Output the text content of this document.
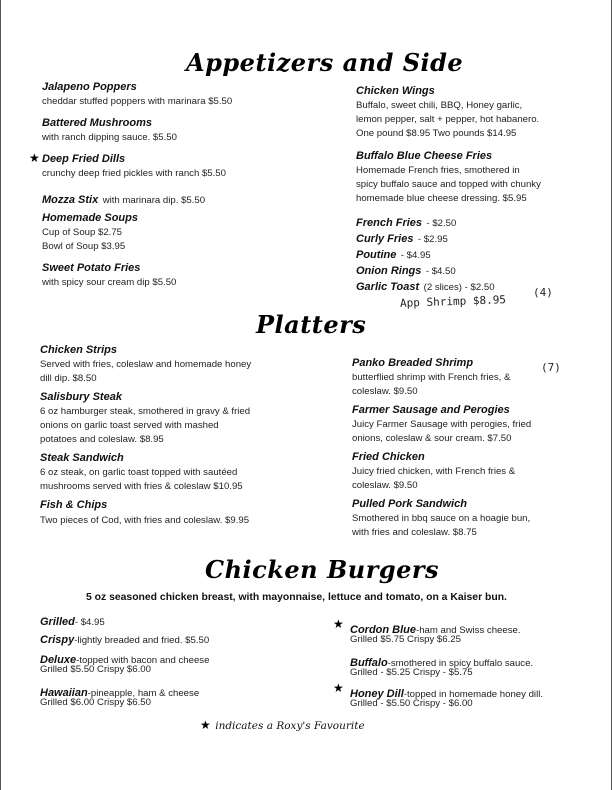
Appetizers and Side
Jalapeno Poppers
cheddar stuffed poppers with marinara $5.50
Battered Mushrooms
with ranch dipping sauce. $5.50
★ Deep Fried Dills
crunchy deep fried pickles with ranch $5.50
Mozza Stix with marinara dip. $5.50
Homemade Soups
Cup of Soup $2.75
Bowl of Soup $3.95
Sweet Potato Fries
with spicy sour cream dip $5.50
Chicken Wings
Buffalo, sweet chili, BBQ, Honey garlic,
lemon pepper, salt + pepper, hot habanero.
One pound $8.95 Two pounds $14.95
Buffalo Blue Cheese Fries
Homemade French fries, smothered in
spicy buffalo sauce and topped with chunky
homemade blue cheese dressing. $5.95
French Fries - $2.50
Curly Fries - $2.95
Poutine - $4.95
Onion Rings - $4.50
Garlic Toast (2 slices) - $2.50
App Shrimp $8.95
(4)
Platters
Chicken Strips
Served with fries, coleslaw and homemade honey
dill dip. $8.50
Salisbury Steak
6 oz hamburger steak, smothered in gravy & fried
onions on garlic toast served with mashed
potatoes and coleslaw. $8.95
Steak Sandwich
6 oz steak, on garlic toast topped with sautéed
mushrooms served with fries & coleslaw $10.95
Fish & Chips
Two pieces of Cod, with fries and coleslaw. $9.95
Panko Breaded Shrimp
butterflied shrimp with French fries, &
coleslaw. $9.50
(7)
Farmer Sausage and Perogies
Juicy Farmer Sausage with perogies, fried
onions, coleslaw & sour cream. $7.50
Fried Chicken
Juicy fried chicken, with French fries &
coleslaw. $9.50
Pulled Pork Sandwich
Smothered in bbq sauce on a hoagie bun,
with fries and coleslaw. $8.75
Chicken Burgers
5 oz seasoned chicken breast, with mayonnaise, lettuce and tomato, on a Kaiser bun.
Grilled- $4.95
Crispy-lightly breaded and fried. $5.50
Deluxe-topped with bacon and cheese
Grilled $5.50 Crispy $6.00
Hawaiian-pineapple, ham & cheese
Grilled $6.00 Crispy $6.50
★ Cordon Blue-ham and Swiss cheese.
Grilled $5.75 Crispy $6.25
Buffalo-smothered in spicy buffalo sauce.
Grilled - $5.25 Crispy - $5.75
★ Honey Dill-topped in homemade honey dill.
Grilled - $5.50 Crispy - $6.00
★ indicates a Roxy's Favourite
